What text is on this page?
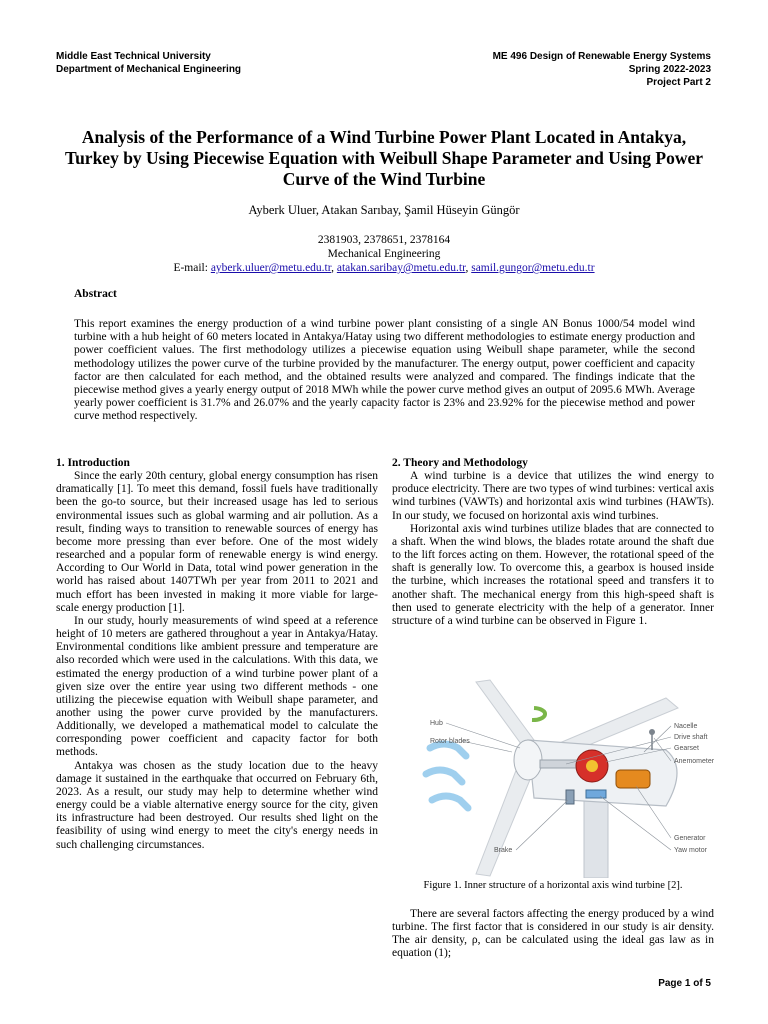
Middle East Technical University
Department of Mechanical Engineering
ME 496 Design of Renewable Energy Systems
Spring 2022-2023
Project Part 2
Analysis of the Performance of a Wind Turbine Power Plant Located in Antakya, Turkey by Using Piecewise Equation with Weibull Shape Parameter and Using Power Curve of the Wind Turbine
Ayberk Uluer, Atakan Sarıbay, Şamil Hüseyin Güngör
2381903, 2378651, 2378164
Mechanical Engineering
E-mail: ayberk.uluer@metu.edu.tr, atakan.saribay@metu.edu.tr, samil.gungor@metu.edu.tr
Abstract
This report examines the energy production of a wind turbine power plant consisting of a single AN Bonus 1000/54 model wind turbine with a hub height of 60 meters located in Antakya/Hatay using two different methodologies to estimate energy production and power coefficient values. The first methodology utilizes a piecewise equation using Weibull shape parameter, while the second methodology utilizes the power curve of the turbine provided by the manufacturer. The energy output, power coefficient and capacity factor are then calculated for each method, and the obtained results were analyzed and compared. The findings indicate that the piecewise method gives a yearly energy output of 2018 MWh while the power curve method gives an output of 2095.6 MWh. Average yearly power coefficient is 31.7% and 26.07% and the yearly capacity factor is 23% and 23.92% for the piecewise method and power curve method respectively.
1. Introduction

Since the early 20th century, global energy consumption has risen dramatically [1]. To meet this demand, fossil fuels have traditionally been the go-to source, but their increased usage has led to serious environmental issues such as global warming and air pollution. As a result, finding ways to transition to renewable sources of energy has become more pressing than ever before. One of the most widely researched and a popular form of renewable energy is wind energy. According to Our World in Data, total wind power generation in the world has raised about 1407TWh per year from 2011 to 2021 and much effort has been invested in making it more viable for large-scale energy production [1].

In our study, hourly measurements of wind speed at a reference height of 10 meters are gathered throughout a year in Antakya/Hatay. Environmental conditions like ambient pressure and temperature are also recorded which were used in the calculations. With this data, we estimated the energy production of a wind turbine power plant of a given size over the entire year using two different methods - one utilizing the piecewise equation with Weibull shape parameter, and another using the power curve provided by the manufacturers. Additionally, we developed a mathematical model to calculate the corresponding power coefficient and capacity factor for both methods.

Antakya was chosen as the study location due to the heavy damage it sustained in the earthquake that occurred on February 6th, 2023. As a result, our study may help to determine whether wind energy could be a viable alternative energy source for the city, given its infrastructure had been destroyed. Our results shed light on the feasibility of using wind energy to meet the city's energy needs in such challenging circumstances.

2. Theory and Methodology

A wind turbine is a device that utilizes the wind energy to produce electricity. There are two types of wind turbines: vertical axis wind turbines (VAWTs) and horizontal axis wind turbines (HAWTs). In our study, we focused on horizontal axis wind turbines.

Horizontal axis wind turbines utilize blades that are connected to a shaft. When the wind blows, the blades rotate around the shaft due to the lift forces acting on them. However, the rotational speed of the shaft is generally low. To overcome this, a gearbox is housed inside the turbine, which increases the rotational speed and transfers it to another shaft. The mechanical energy from this high-speed shaft is then used to generate electricity with the help of a generator. Inner structure of a wind turbine can be observed in Figure 1.

Hub
Rotor blades
Nacelle
Drive shaft
Gearset
Anemometer
Generator
Yaw motor
Brake
Figure 1. Inner structure of a horizontal axis wind turbine [2].

There are several factors affecting the energy produced by a wind turbine. The first factor that is considered in our study is air density. The air density, ρ, can be calculated using the ideal gas law as in equation (1);

Page 1 of 5
